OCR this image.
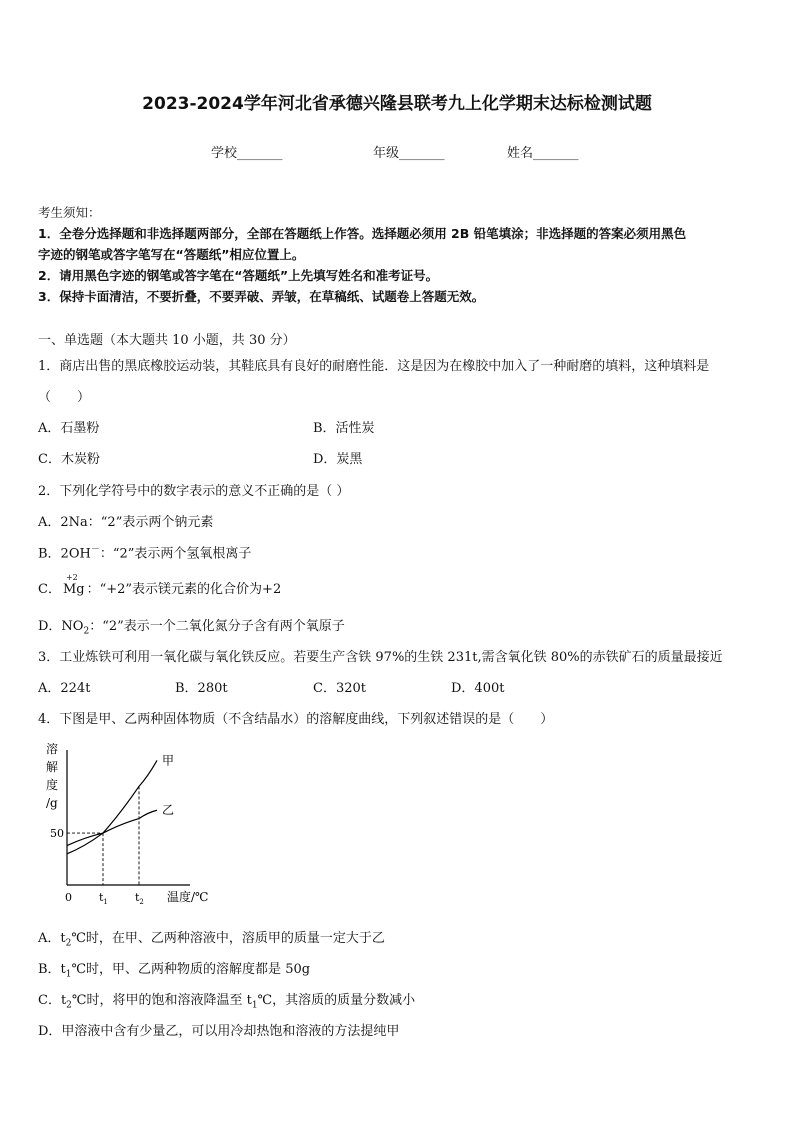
2023-2024学年河北省承德兴隆县联考九上化学期末达标检测试题
学校_______	年级_______	姓名_______
考生须知：
1．全卷分选择题和非选择题两部分，全部在答题纸上作答。选择题必须用 2B 铅笔填涂；非选择题的答案必须用黑色
字迹的钢笔或答字笔写在“答题纸”相应位置上。
2．请用黑色字迹的钢笔或答字笔在“答题纸”上先填写姓名和准考证号。
3．保持卡面清洁，不要折叠，不要弄破、弄皱，在草稿纸、试题卷上答题无效。
一、单选题（本大题共 10 小题，共 30 分）
1．商店出售的黑底橡胶运动装，其鞋底具有良好的耐磨性能．这是因为在橡胶中加入了一种耐磨的填料，这种填料是
（　　）
A．石墨粉	B．活性炭
C．木炭粉	D．炭黑
2．下列化学符号中的数字表示的意义不正确的是（ ）
A．2Na：“2”表示两个钠元素
B．2OH－：“2”表示两个氢氧根离子
C．
+2
Mg ：“+2”表示镁元素的化合价为+2
D．$NO_2$：“2”表示一个二氧化氮分子含有两个氧原子
3．工业炼铁可利用一氧化碳与氧化铁反应。若要生产含铁 97%的生铁 231t,需含氧化铁 80%的赤铁矿石的质量最接近
A．224t	B．280t	C．320t	D．400t
4．下图是甲、乙两种固体物质（不含结晶水）的溶解度曲线，下列叙述错误的是（　　）
溶
解
度
/g
50
0 $t_1$ $t_2$ 温度/℃
甲
乙
A．$t_2℃$时，在甲、乙两种溶液中，溶质甲的质量一定大于乙
B．$t_1℃$时，甲、乙两种物质的溶解度都是 50g
C．$t_2℃$时，将甲的饱和溶液降温至 $t_1℃$，其溶质的质量分数减小
D．甲溶液中含有少量乙，可以用冷却热饱和溶液的方法提纯甲
